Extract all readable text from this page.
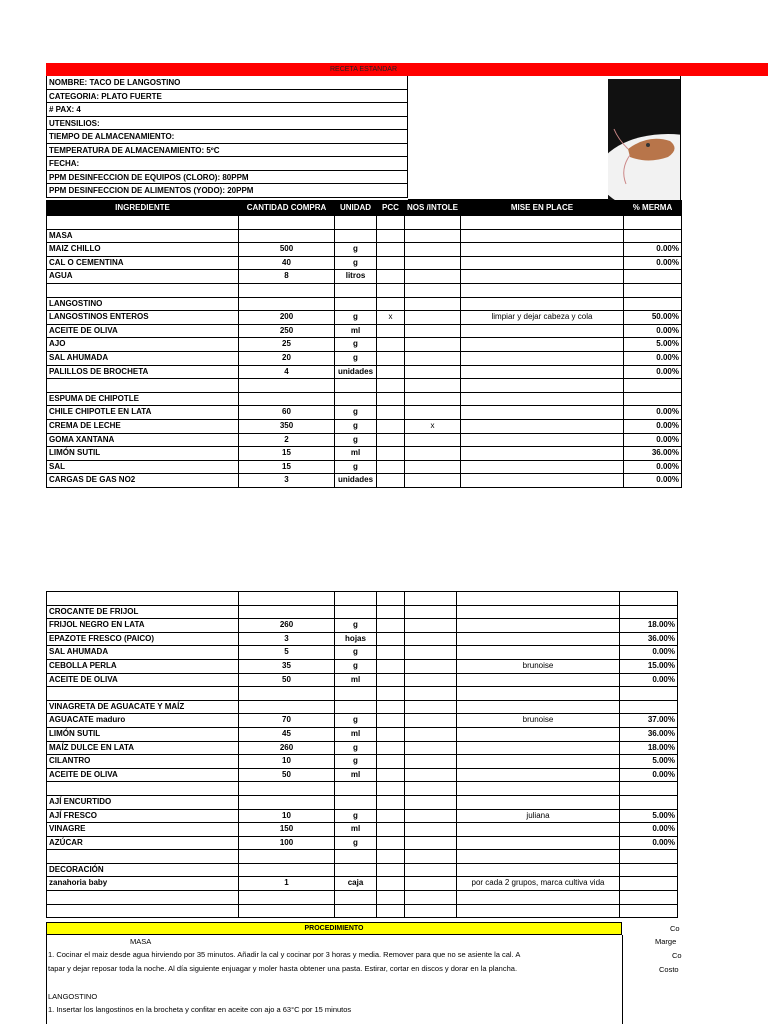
RECETA ESTANDAR
NOMBRE: TACO DE LANGOSTINO
CATEGORIA: PLATO FUERTE
# PAX: 4
UTENSILIOS:
TIEMPO DE ALMACENAMIENTO:
TEMPERATURA DE ALMACENAMIENTO: 5ºC
FECHA:
PPM DESINFECCION DE EQUIPOS (CLORO): 80PPM
PPM DESINFECCION DE ALIMENTOS (YODO): 20PPM
INGREDIENTE	CANTIDAD COMPRA	UNIDAD	PCC	NOS /INTOLE	MISE EN PLACE	% MERMA

MASA						
MAIZ CHILLO	500	g				0.00%
CAL O CEMENTINA	40	g				0.00%
AGUA	8	litros				

LANGOSTINO						
LANGOSTINOS ENTEROS	200	g	x		limpiar y dejar cabeza y cola	50.00%
ACEITE DE OLIVA	250	ml				0.00%
AJO	25	g				5.00%
SAL AHUMADA	20	g				0.00%
PALILLOS DE BROCHETA	4	unidades				0.00%

ESPUMA DE CHIPOTLE						
CHILE CHIPOTLE EN LATA	60	g				0.00%
CREMA DE LECHE	350	g		x		0.00%
GOMA XANTANA	2	g				0.00%
LIMÓN SUTIL	15	ml				36.00%
SAL	15	g				0.00%
CARGAS DE GAS NO2	3	unidades				0.00%

CROCANTE DE FRIJOL						
FRIJOL NEGRO EN LATA	260	g				18.00%
EPAZOTE FRESCO (PAICO)	3	hojas				36.00%
SAL AHUMADA	5	g				0.00%
CEBOLLA PERLA	35	g			brunoise	15.00%
ACEITE DE OLIVA	50	ml				0.00%

VINAGRETA DE AGUACATE Y MAÍZ						
AGUACATE maduro	70	g			brunoise	37.00%
LIMÓN SUTIL	45	ml				36.00%
MAÍZ DULCE EN LATA	260	g				18.00%
CILANTRO	10	g				5.00%
ACEITE DE OLIVA	50	ml				0.00%

AJÍ ENCURTIDO						
AJÍ FRESCO	10	g			juliana	5.00%
VINAGRE	150	ml				0.00%
AZÚCAR	100	g				0.00%

DECORACIÓN						
zanahoria baby	1	caja			por cada 2 grupos, marca cultiva vida	

PROCEDIMIENTO
MASA
1. Cocinar el maiz desde agua hirviendo por 35 minutos. Añadir la cal y cocinar por 3 horas y media. Remover para que no se asiente la cal. A
tapar y dejar reposar toda la noche. Al día siguiente enjuagar y moler hasta obtener una pasta. Estirar, cortar en discos y dorar en la plancha.
LANGOSTINO
1. Insertar los langostinos en la brocheta y confitar en aceite con ajo a 63°C por 15 minutos
Co
Marge
Co
Costo
